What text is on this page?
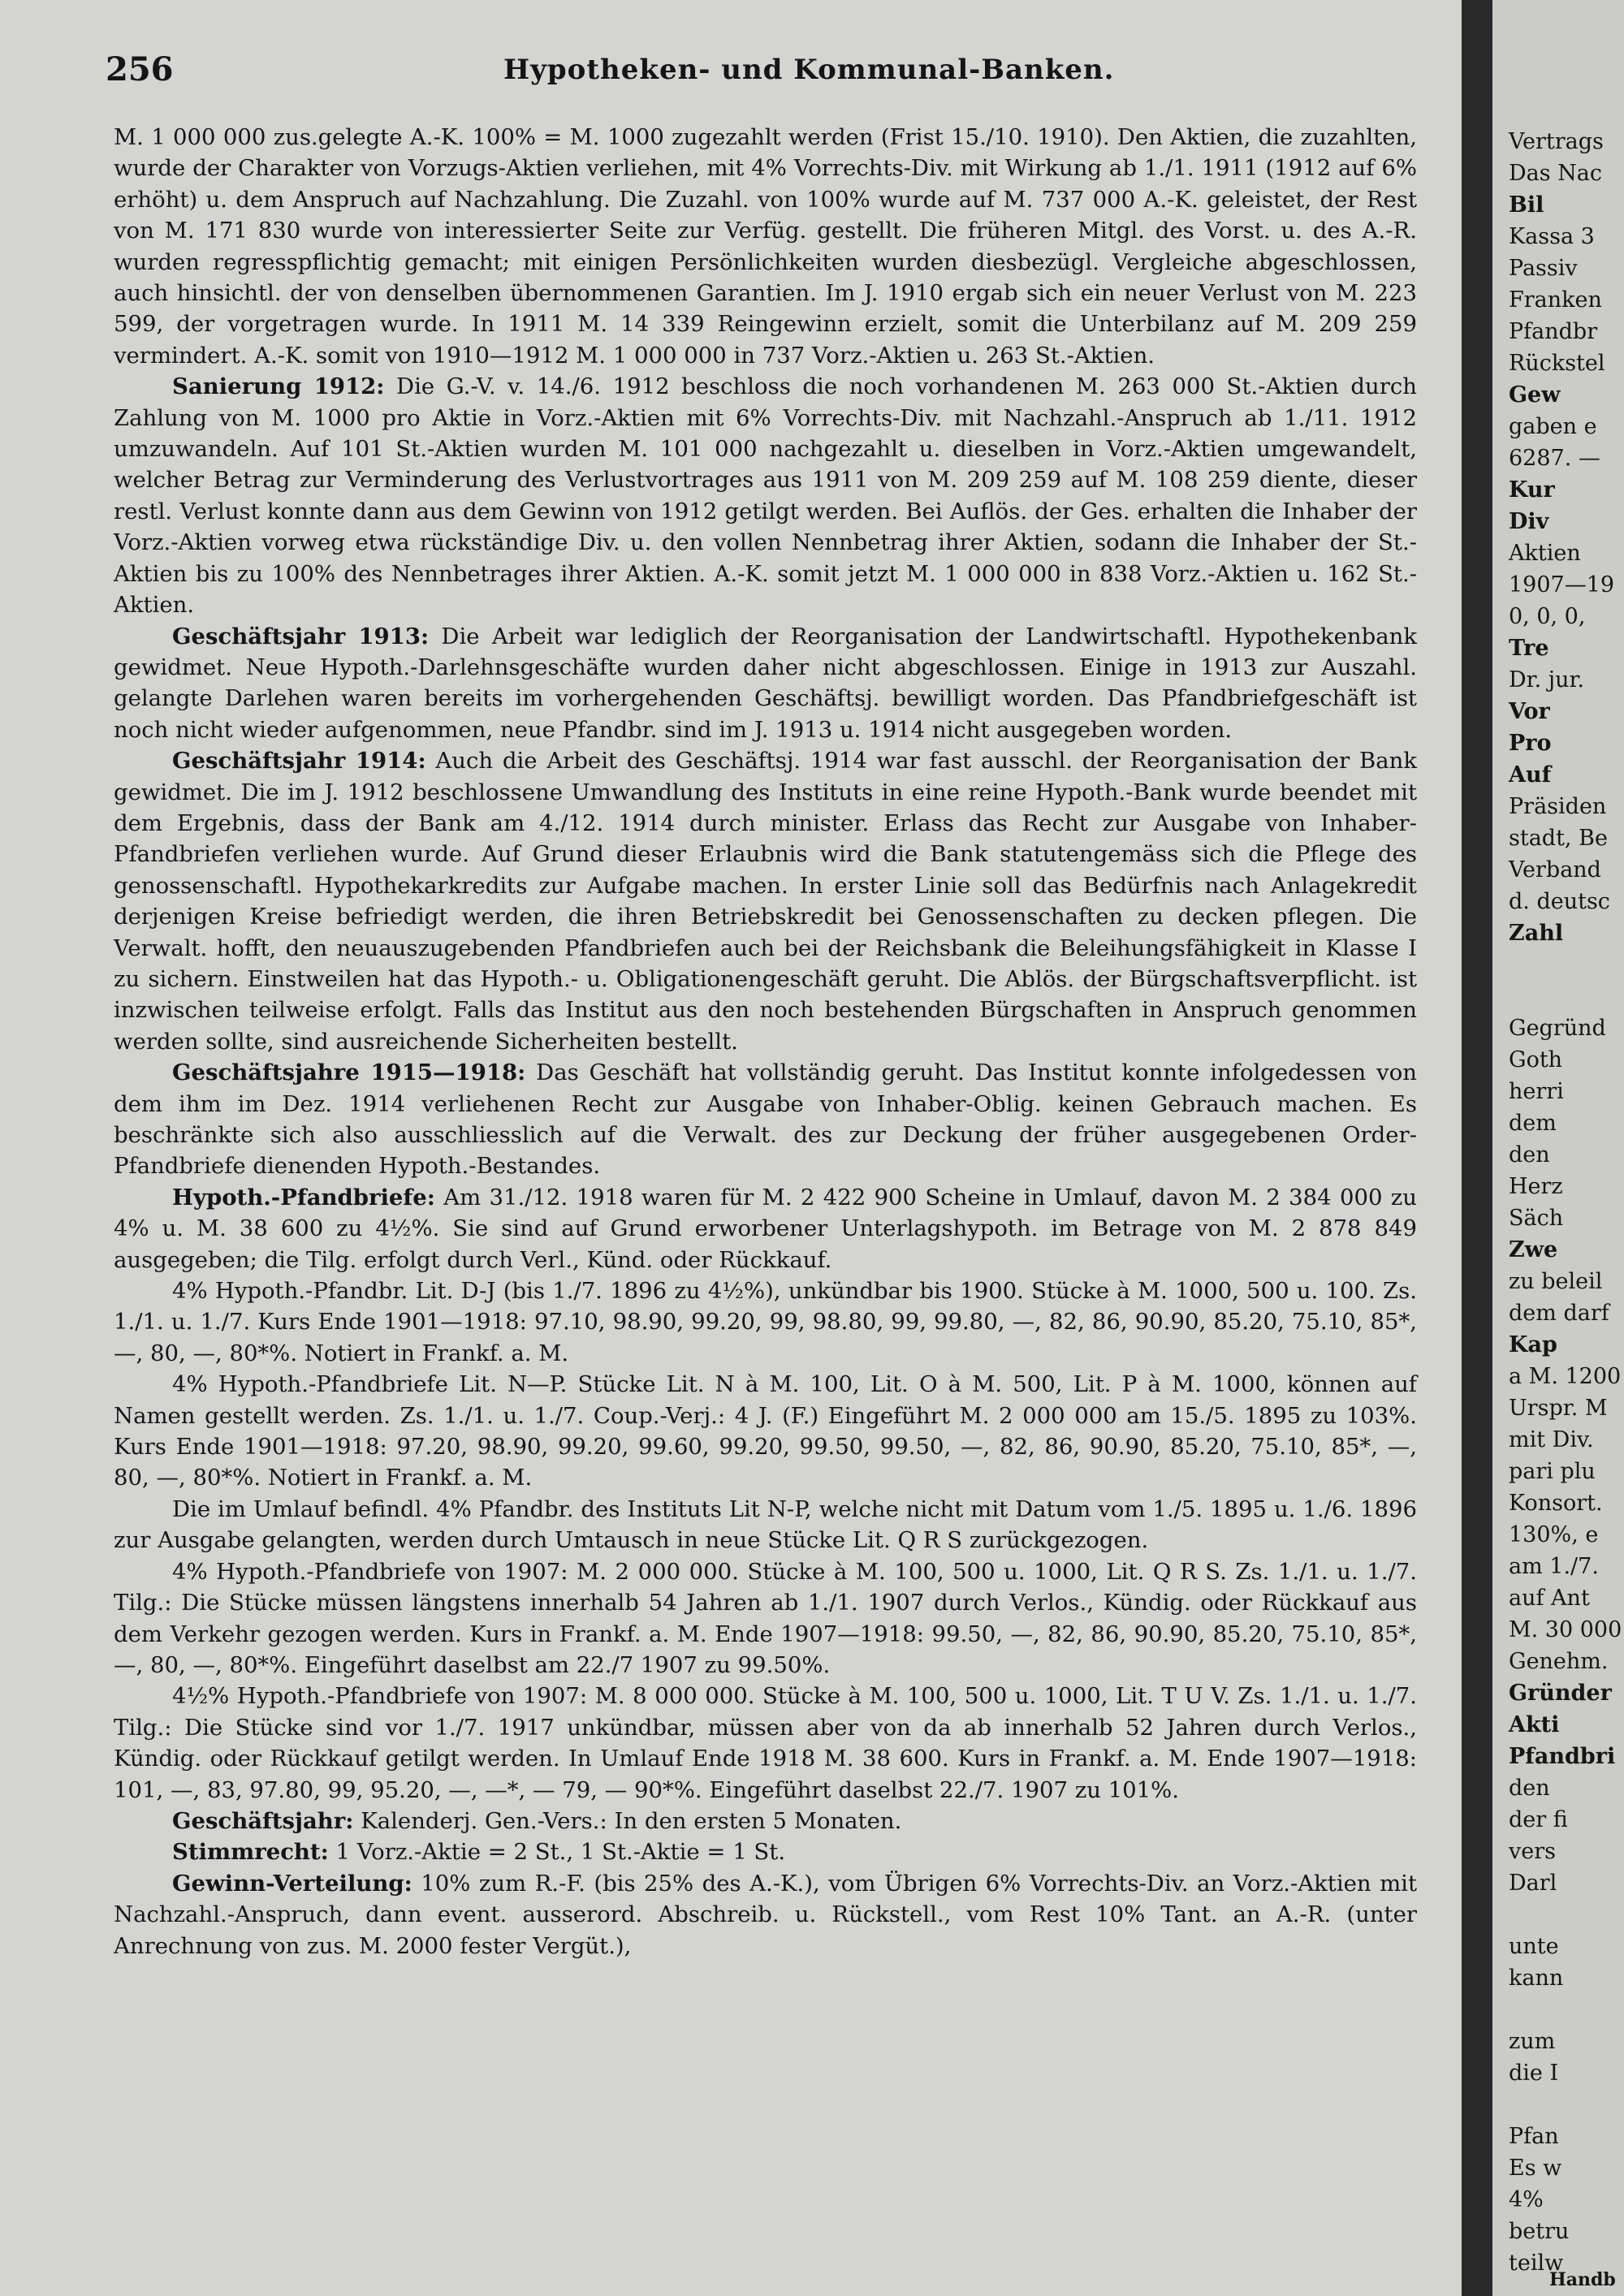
256	Hypotheken- und Kommunal-Banken.

M. 1 000 000 zus.gelegte A.-K. 100% = M. 1000 zugezahlt werden (Frist 15./10. 1910). Den Aktien, die zuzahlten, wurde der Charakter von Vorzugs-Aktien verliehen, mit 4% Vorrechts-Div. mit Wirkung ab 1./1. 1911 (1912 auf 6% erhöht) u. dem Anspruch auf Nachzahlung. Die Zuzahl. von 100% wurde auf M. 737 000 A.-K. geleistet, der Rest von M. 171 830 wurde von interessierter Seite zur Verfüg. gestellt. Die früheren Mitgl. des Vorst. u. des A.-R. wurden regresspflichtig gemacht; mit einigen Persönlichkeiten wurden diesbezügl. Vergleiche abgeschlossen, auch hinsichtl. der von denselben übernommenen Garantien. Im J. 1910 ergab sich ein neuer Verlust von M. 223 599, der vorgetragen wurde. In 1911 M. 14 339 Reingewinn erzielt, somit die Unterbilanz auf M. 209 259 vermindert. A.-K. somit von 1910—1912 M. 1 000 000 in 737 Vorz.-Aktien u. 263 St.-Aktien.

Sanierung 1912: Die G.-V. v. 14./6. 1912 beschloss die noch vorhandenen M. 263 000 St.-Aktien durch Zahlung von M. 1000 pro Aktie in Vorz.-Aktien mit 6% Vorrechts-Div. mit Nachzahl.-Anspruch ab 1./11. 1912 umzuwandeln. Auf 101 St.-Aktien wurden M. 101 000 nachgezahlt u. dieselben in Vorz.-Aktien umgewandelt, welcher Betrag zur Verminderung des Verlustvortrages aus 1911 von M. 209 259 auf M. 108 259 diente, dieser restl. Verlust konnte dann aus dem Gewinn von 1912 getilgt werden. Bei Auflös. der Ges. erhalten die Inhaber der Vorz.-Aktien vorweg etwa rückständige Div. u. den vollen Nennbetrag ihrer Aktien, sodann die Inhaber der St.-Aktien bis zu 100% des Nennbetrages ihrer Aktien. A.-K. somit jetzt M. 1 000 000 in 838 Vorz.-Aktien u. 162 St.-Aktien.

Geschäftsjahr 1913: Die Arbeit war lediglich der Reorganisation der Landwirtschaftl. Hypothekenbank gewidmet. Neue Hypoth.-Darlehnsgeschäfte wurden daher nicht abgeschlossen. Einige in 1913 zur Auszahl. gelangte Darlehen waren bereits im vorhergehenden Geschäftsj. bewilligt worden. Das Pfandbriefgeschäft ist noch nicht wieder aufgenommen, neue Pfandbr. sind im J. 1913 u. 1914 nicht ausgegeben worden.

Geschäftsjahr 1914: Auch die Arbeit des Geschäftsj. 1914 war fast ausschl. der Reorganisation der Bank gewidmet. Die im J. 1912 beschlossene Umwandlung des Instituts in eine reine Hypoth.-Bank wurde beendet mit dem Ergebnis, dass der Bank am 4./12. 1914 durch minister. Erlass das Recht zur Ausgabe von Inhaber-Pfandbriefen verliehen wurde. Auf Grund dieser Erlaubnis wird die Bank statutengemäss sich die Pflege des genossenschaftl. Hypothekarkredits zur Aufgabe machen. In erster Linie soll das Bedürfnis nach Anlagekredit derjenigen Kreise befriedigt werden, die ihren Betriebskredit bei Genossenschaften zu decken pflegen. Die Verwalt. hofft, den neuauszugebenden Pfandbriefen auch bei der Reichsbank die Beleihungsfähigkeit in Klasse I zu sichern. Einstweilen hat das Hypoth.- u. Obligationengeschäft geruht. Die Ablös. der Bürgschaftsverpflicht. ist inzwischen teilweise erfolgt. Falls das Institut aus den noch bestehenden Bürgschaften in Anspruch genommen werden sollte, sind ausreichende Sicherheiten bestellt.

Geschäftsjahre 1915—1918: Das Geschäft hat vollständig geruht. Das Institut konnte infolgedessen von dem ihm im Dez. 1914 verliehenen Recht zur Ausgabe von Inhaber-Oblig. keinen Gebrauch machen. Es beschränkte sich also ausschliesslich auf die Verwalt. des zur Deckung der früher ausgegebenen Order-Pfandbriefe dienenden Hypoth.-Bestandes.

Hypoth.-Pfandbriefe: Am 31./12. 1918 waren für M. 2 422 900 Scheine in Umlauf, davon M. 2 384 000 zu 4% u. M. 38 600 zu 4½%. Sie sind auf Grund erworbener Unterlagshypoth. im Betrage von M. 2 878 849 ausgegeben; die Tilg. erfolgt durch Verl., Künd. oder Rückkauf.

4% Hypoth.-Pfandbr. Lit. D-J (bis 1./7. 1896 zu 4½%), unkündbar bis 1900. Stücke à M. 1000, 500 u. 100. Zs. 1./1. u. 1./7. Kurs Ende 1901—1918: 97.10, 98.90, 99.20, 99, 98.80, 99, 99.80, —, 82, 86, 90.90, 85.20, 75.10, 85*, —, 80, —, 80*%. Notiert in Frankf. a. M.

4% Hypoth.-Pfandbriefe Lit. N—P. Stücke Lit. N à M. 100, Lit. O à M. 500, Lit. P à M. 1000, können auf Namen gestellt werden. Zs. 1./1. u. 1./7. Coup.-Verj.: 4 J. (F.) Eingeführt M. 2 000 000 am 15./5. 1895 zu 103%. Kurs Ende 1901—1918: 97.20, 98.90, 99.20, 99.60, 99.20, 99.50, 99.50, —, 82, 86, 90.90, 85.20, 75.10, 85*, —, 80, —, 80*%. Notiert in Frankf. a. M.

Die im Umlauf befindl. 4% Pfandbr. des Instituts Lit N-P, welche nicht mit Datum vom 1./5. 1895 u. 1./6. 1896 zur Ausgabe gelangten, werden durch Umtausch in neue Stücke Lit. Q R S zurückgezogen.

4% Hypoth.-Pfandbriefe von 1907: M. 2 000 000. Stücke à M. 100, 500 u. 1000, Lit. Q R S. Zs. 1./1. u. 1./7. Tilg.: Die Stücke müssen längstens innerhalb 54 Jahren ab 1./1. 1907 durch Verlos., Kündig. oder Rückkauf aus dem Verkehr gezogen werden. Kurs in Frankf. a. M. Ende 1907—1918: 99.50, —, 82, 86, 90.90, 85.20, 75.10, 85*, —, 80, —, 80*%. Eingeführt daselbst am 22./7 1907 zu 99.50%.

4½% Hypoth.-Pfandbriefe von 1907: M. 8 000 000. Stücke à M. 100, 500 u. 1000, Lit. T U V. Zs. 1./1. u. 1./7. Tilg.: Die Stücke sind vor 1./7. 1917 unkündbar, müssen aber von da ab innerhalb 52 Jahren durch Verlos., Kündig. oder Rückkauf getilgt werden. In Umlauf Ende 1918 M. 38 600. Kurs in Frankf. a. M. Ende 1907—1918: 101, —, 83, 97.80, 99, 95.20, —, —*, — 79, — 90*%. Eingeführt daselbst 22./7. 1907 zu 101%.

Geschäftsjahr: Kalenderj. Gen.-Vers.: In den ersten 5 Monaten.

Stimmrecht: 1 Vorz.-Aktie = 2 St., 1 St.-Aktie = 1 St.

Gewinn-Verteilung: 10% zum R.-F. (bis 25% des A.-K.), vom Übrigen 6% Vorrechts-Div. an Vorz.-Aktien mit Nachzahl.-Anspruch, dann event. ausserord. Abschreib. u. Rückstell., vom Rest 10% Tant. an A.-R. (unter Anrechnung von zus. M. 2000 fester Vergüt.),

Vertrags
Das Nac
Bil
Kassa 3
Passiv
Franken
Pfandbr
Rückstel
Gew
gaben e
6287. —
Kur
Div
Aktien
1907—19
0, 0, 0,
Tre
Dr. jur.
Vor
Pro
Auf
Präsiden
stadt, Be
Verband
d. deutsc
Zahl
Gegründ
Goth
herri
dem
den
Herz
Säch
Zwe
zu beleil
dem darf
Kap
a M. 1200
Urspr. M
mit Div.
pari plu
Konsort.
130%, e
am 1./7.
auf Ant
M. 30 000
Genehm.
Gründer
Akti
Pfandbri
den
der fi
vers
Darl
unte
kann
zum
die I
Pfan
Es w
4%
betru
teilw
Handb
